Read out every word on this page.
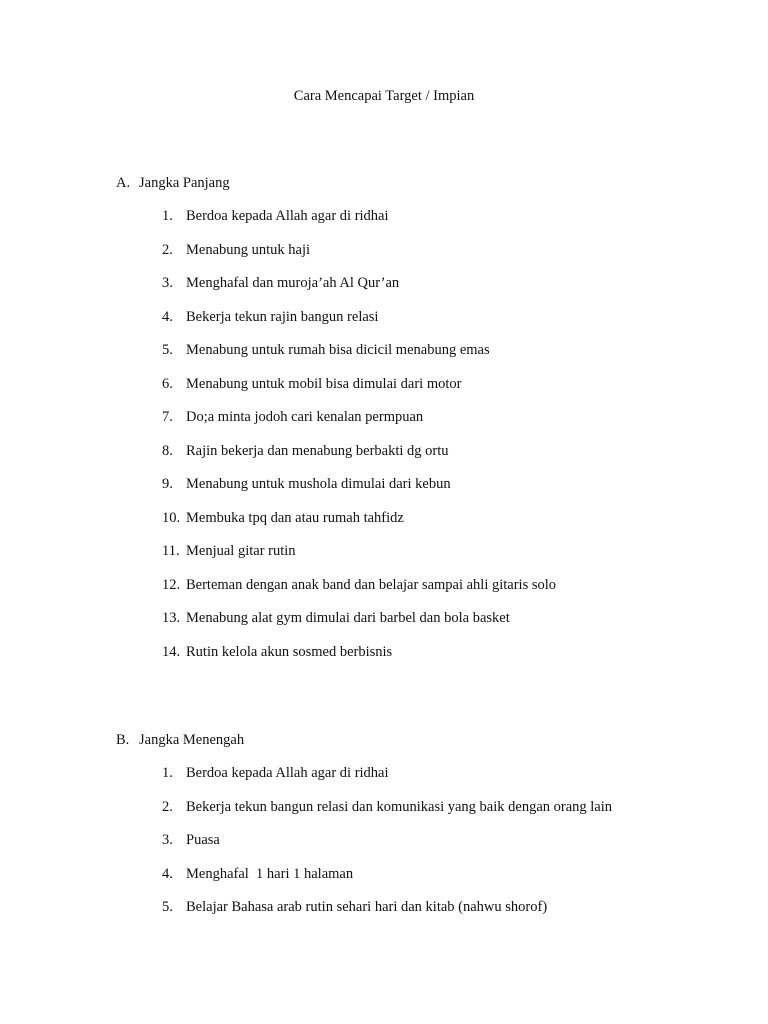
Cara Mencapai Target / Impian
A. Jangka Panjang
1. Berdoa kepada Allah agar di ridhai
2. Menabung untuk haji
3. Menghafal dan muroja’ah Al Qur’an
4. Bekerja tekun rajin bangun relasi
5. Menabung untuk rumah bisa dicicil menabung emas
6. Menabung untuk mobil bisa dimulai dari motor
7. Do;a minta jodoh cari kenalan permpuan
8. Rajin bekerja dan menabung berbakti dg ortu
9. Menabung untuk mushola dimulai dari kebun
10. Membuka tpq dan atau rumah tahfidz
11. Menjual gitar rutin
12. Berteman dengan anak band dan belajar sampai ahli gitaris solo
13. Menabung alat gym dimulai dari barbel dan bola basket
14. Rutin kelola akun sosmed berbisnis
B. Jangka Menengah
1. Berdoa kepada Allah agar di ridhai
2. Bekerja tekun bangun relasi dan komunikasi yang baik dengan orang lain
3. Puasa
4. Menghafal  1 hari 1 halaman
5. Belajar Bahasa arab rutin sehari hari dan kitab (nahwu shorof)
